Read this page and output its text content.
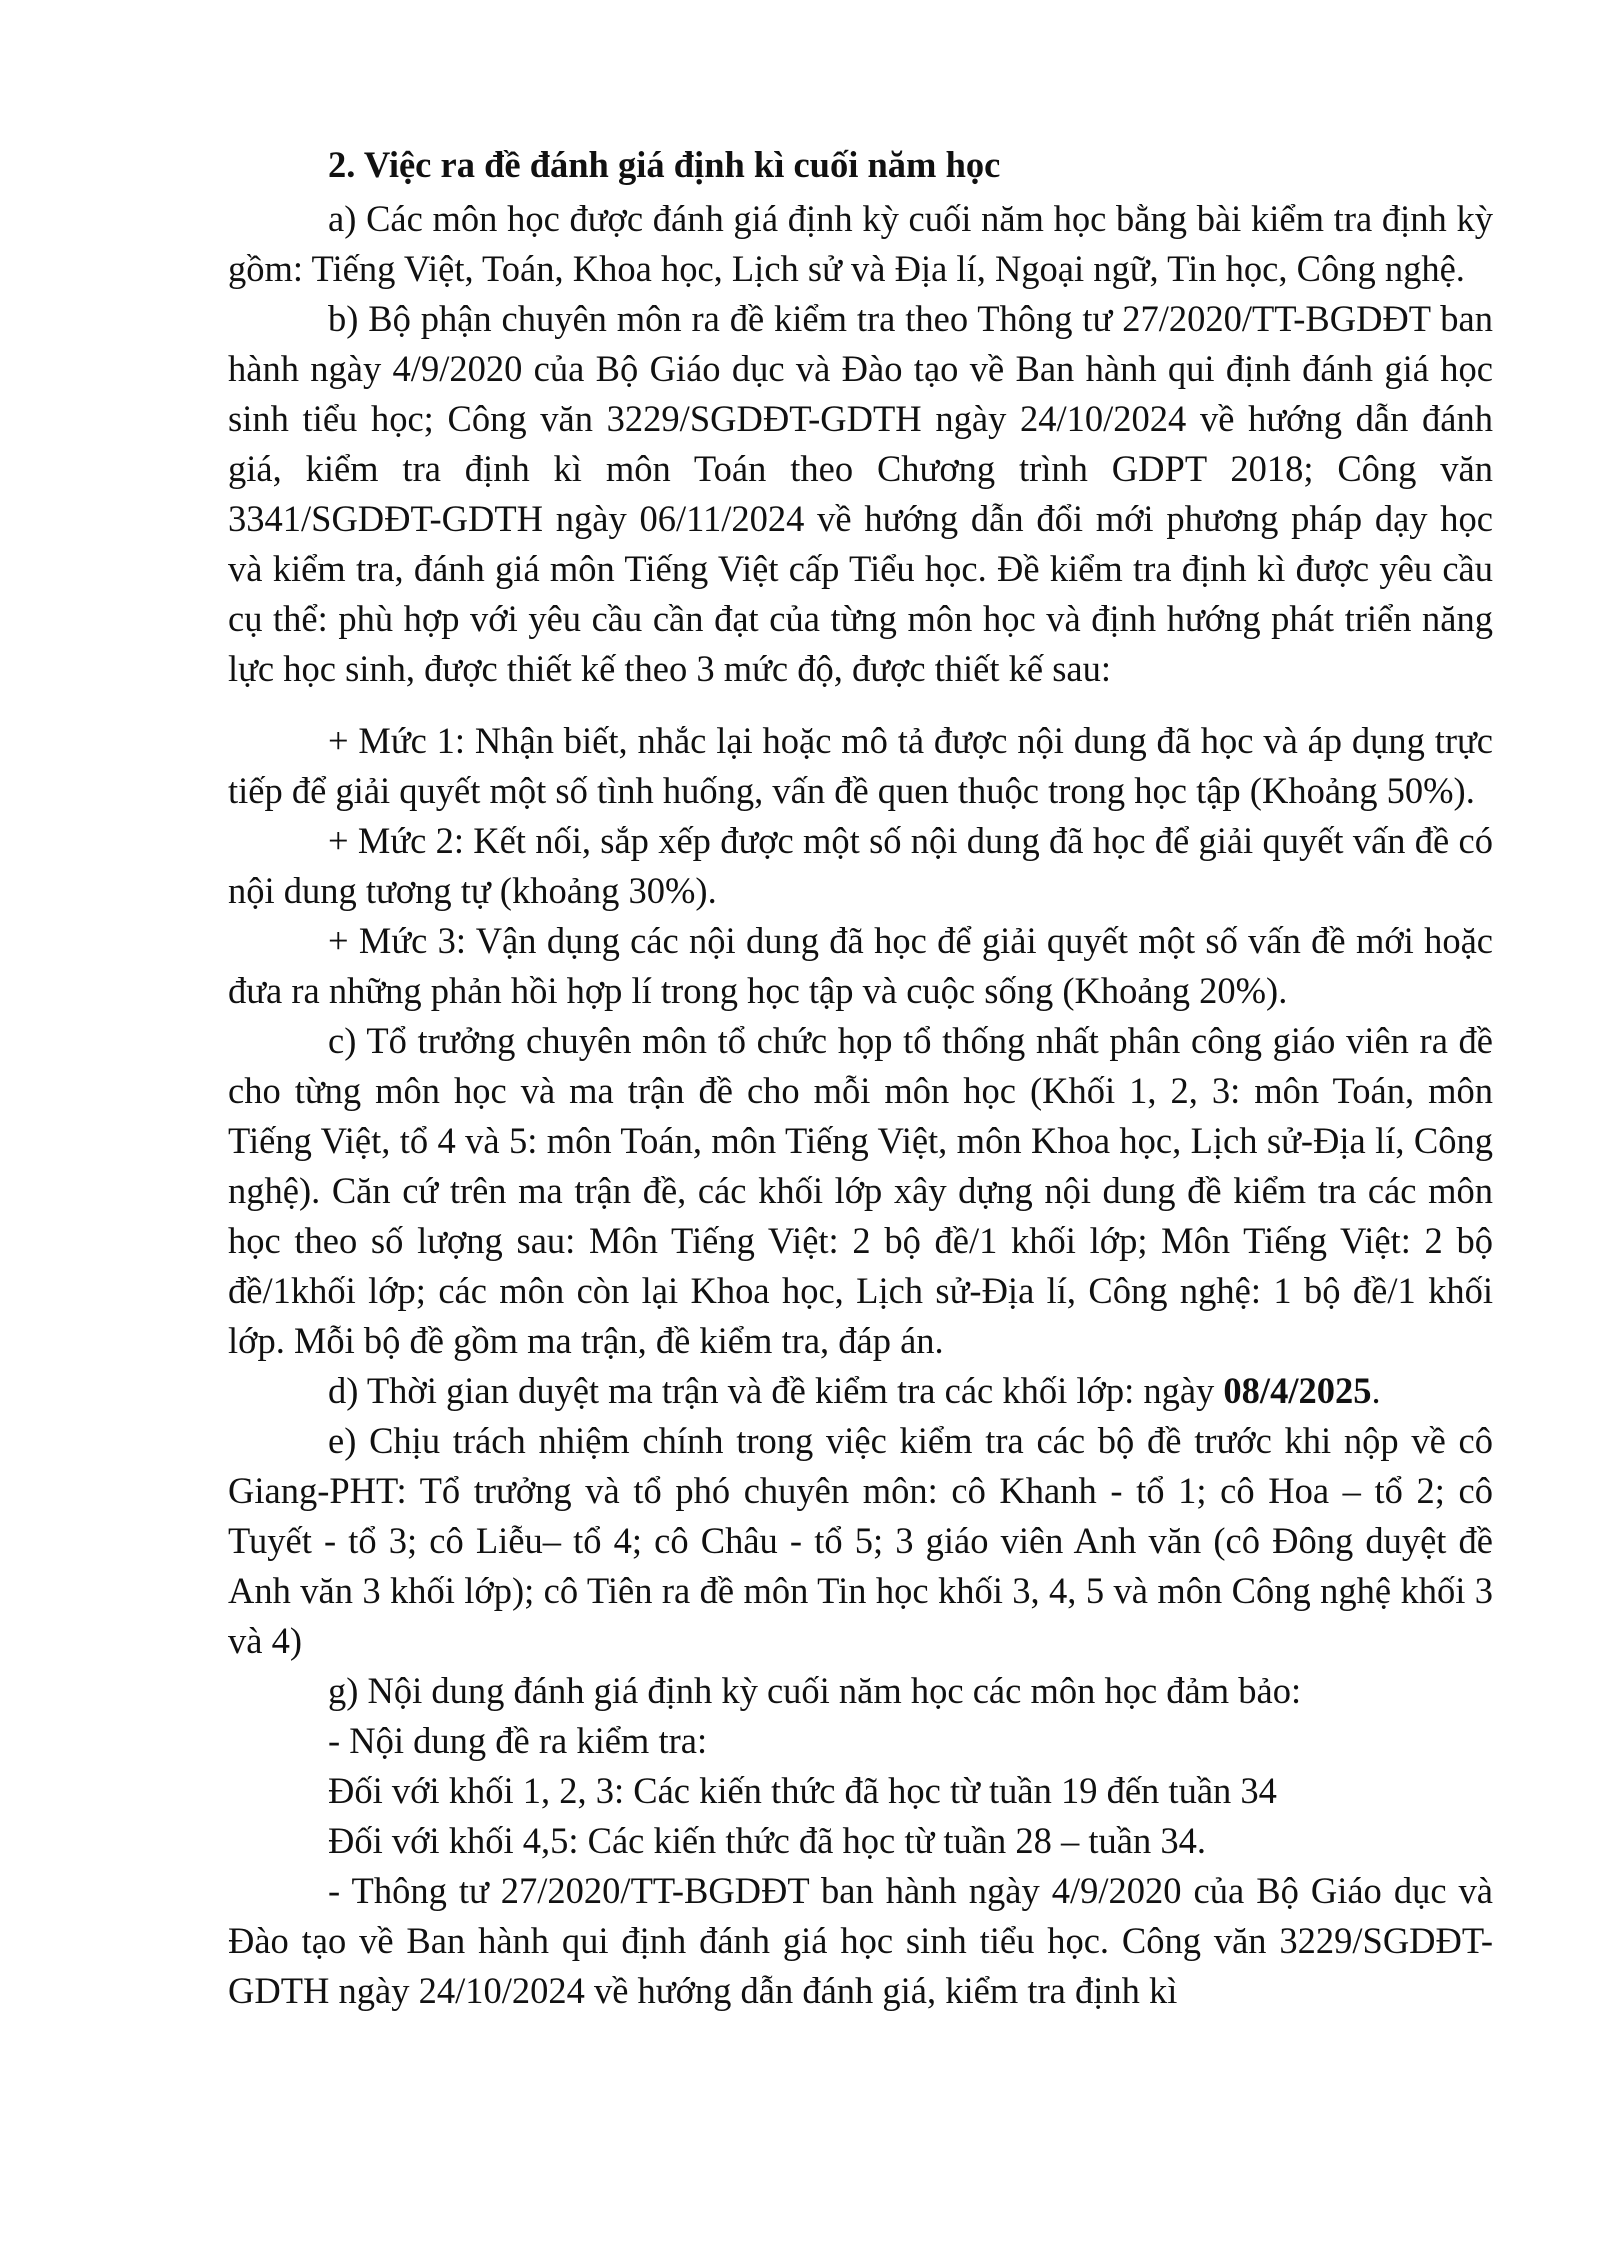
2. Việc ra đề đánh giá định kì cuối năm học

a) Các môn học được đánh giá định kỳ cuối năm học bằng bài kiểm tra định kỳ gồm: Tiếng Việt, Toán, Khoa học, Lịch sử và Địa lí, Ngoại ngữ, Tin học, Công nghệ.

b) Bộ phận chuyên môn ra đề kiểm tra theo Thông tư 27/2020/TT-BGDĐT ban hành ngày 4/9/2020 của Bộ Giáo dục và Đào tạo về Ban hành qui định đánh giá học sinh tiểu học; Công văn 3229/SGDĐT-GDTH ngày 24/10/2024 về hướng dẫn đánh giá, kiểm tra định kì môn Toán theo Chương trình GDPT 2018; Công văn 3341/SGDĐT-GDTH ngày 06/11/2024 về hướng dẫn đổi mới phương pháp dạy học và kiểm tra, đánh giá môn Tiếng Việt cấp Tiểu học. Đề kiểm tra định kì được yêu cầu cụ thể: phù hợp với yêu cầu cần đạt của từng môn học và định hướng phát triển năng lực học sinh, được thiết kế theo 3 mức độ, được thiết kế sau:

+ Mức 1: Nhận biết, nhắc lại hoặc mô tả được nội dung đã học và áp dụng trực tiếp để giải quyết một số tình huống, vấn đề quen thuộc trong học tập (Khoảng 50%).

+ Mức 2: Kết nối, sắp xếp được một số nội dung đã học để giải quyết vấn đề có nội dung tương tự (khoảng 30%).

+ Mức 3: Vận dụng các nội dung đã học để giải quyết một số vấn đề mới hoặc đưa ra những phản hồi hợp lí trong học tập và cuộc sống (Khoảng 20%).

c) Tổ trưởng chuyên môn tổ chức họp tổ thống nhất phân công giáo viên ra đề cho từng môn học và ma trận đề cho mỗi môn học (Khối 1, 2, 3: môn Toán, môn Tiếng Việt, tổ 4 và 5: môn Toán, môn Tiếng Việt, môn Khoa học, Lịch sử-Địa lí, Công nghệ). Căn cứ trên ma trận đề, các khối lớp xây dựng nội dung đề kiểm tra các môn học theo số lượng sau: Môn Tiếng Việt: 2 bộ đề/1 khối lớp; Môn Tiếng Việt: 2 bộ đề/1khối lớp; các môn còn lại Khoa học, Lịch sử-Địa lí, Công nghệ: 1 bộ đề/1 khối lớp. Mỗi bộ đề gồm ma trận, đề kiểm tra, đáp án.

d) Thời gian duyệt ma trận và đề kiểm tra các khối lớp: ngày 08/4/2025.

e) Chịu trách nhiệm chính trong việc kiểm tra các bộ đề trước khi nộp về cô Giang-PHT: Tổ trưởng và tổ phó chuyên môn: cô Khanh - tổ 1; cô Hoa – tổ 2; cô Tuyết - tổ 3; cô Liễu– tổ 4; cô Châu - tổ 5; 3 giáo viên Anh văn (cô Đông duyệt đề Anh văn 3 khối lớp); cô Tiên ra đề môn Tin học khối 3, 4, 5 và môn Công nghệ khối 3 và 4)

g) Nội dung đánh giá định kỳ cuối năm học các môn học đảm bảo:

- Nội dung đề ra kiểm tra:

Đối với khối 1, 2, 3: Các kiến thức đã học từ tuần 19 đến tuần 34

Đối với khối 4,5: Các kiến thức đã học từ tuần 28 – tuần 34.

- Thông tư 27/2020/TT-BGDĐT ban hành ngày 4/9/2020 của Bộ Giáo dục và Đào tạo về Ban hành qui định đánh giá học sinh tiểu học. Công văn 3229/SGDĐT-GDTH ngày 24/10/2024 về hướng dẫn đánh giá, kiểm tra định kì
